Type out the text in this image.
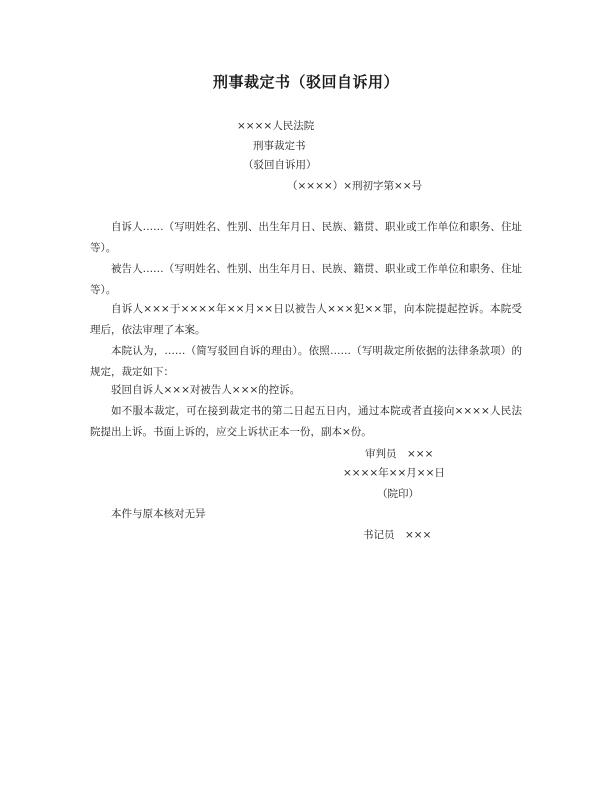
刑事裁定书（驳回自诉用）
××××人民法院
刑事裁定书
（驳回自诉用）
（××××）×刑初字第××号

自诉人……（写明姓名、性别、出生年月日、民族、籍贯、职业或工作单位和职务、住址等）。

被告人……（写明姓名、性别、出生年月日、民族、籍贯、职业或工作单位和职务、住址等）。

自诉人×××于××××年××月××日以被告人×××犯××罪，向本院提起控诉。本院受理后，依法审理了本案。

本院认为，……（简写驳回自诉的理由）。依照……（写明裁定所依据的法律条款项）的规定，裁定如下：

驳回自诉人×××对被告人×××的控诉。

如不服本裁定，可在接到裁定书的第二日起五日内，通过本院或者直接向××××人民法院提出上诉。书面上诉的，应交上诉状正本一份，副本×份。

审判员　×××
××××年××月××日
（院印）
本件与原本核对无异
书记员　×××
